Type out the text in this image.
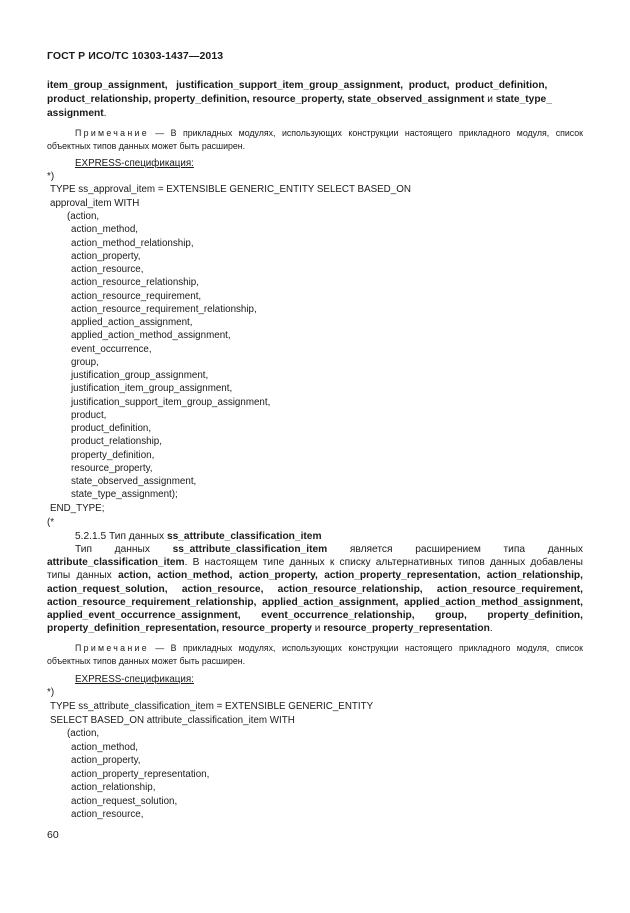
ГОСТ Р ИСО/ТС 10303-1437—2013
item_group_assignment,   justification_support_item_group_assignment,  product,  product_definition,
product_relationship, property_definition, resource_property, state_observed_assignment и state_type_
assignment.
Примечание — В прикладных модулях, использующих конструкции настоящего прикладного модуля, список объектных типов данных может быть расширен.
EXPRESS-спецификация:
*)
TYPE ss_approval_item = EXTENSIBLE GENERIC_ENTITY SELECT BASED_ON
approval_item WITH
(action,
action_method,
action_method_relationship,
action_property,
action_resource,
action_resource_relationship,
action_resource_requirement,
action_resource_requirement_relationship,
applied_action_assignment,
applied_action_method_assignment,
event_occurrence,
group,
justification_group_assignment,
justification_item_group_assignment,
justification_support_item_group_assignment,
product,
product_definition,
product_relationship,
property_definition,
resource_property,
state_observed_assignment,
state_type_assignment);
END_TYPE;
(*
5.2.1.5 Тип данных ss_attribute_classification_item
Тип данных ss_attribute_classification_item является расширением типа данных attribute_classification_item. В настоящем типе данных к списку альтернативных типов данных добавлены типы данных action, action_method, action_property, action_property_representation, action_relationship, action_request_solution, action_resource, action_resource_relationship, action_resource_requirement, action_resource_requirement_relationship, applied_action_assignment, applied_action_method_assignment, applied_event_occurrence_assignment, event_occurrence_relationship, group, property_definition, property_definition_representation, resource_property и resource_property_representation.
Примечание — В прикладных модулях, использующих конструкции настоящего прикладного модуля, список объектных типов данных может быть расширен.
EXPRESS-спецификация:
*)
TYPE ss_attribute_classification_item = EXTENSIBLE GENERIC_ENTITY
SELECT BASED_ON attribute_classification_item WITH
(action,
action_method,
action_property,
action_property_representation,
action_relationship,
action_request_solution,
action_resource,
60
